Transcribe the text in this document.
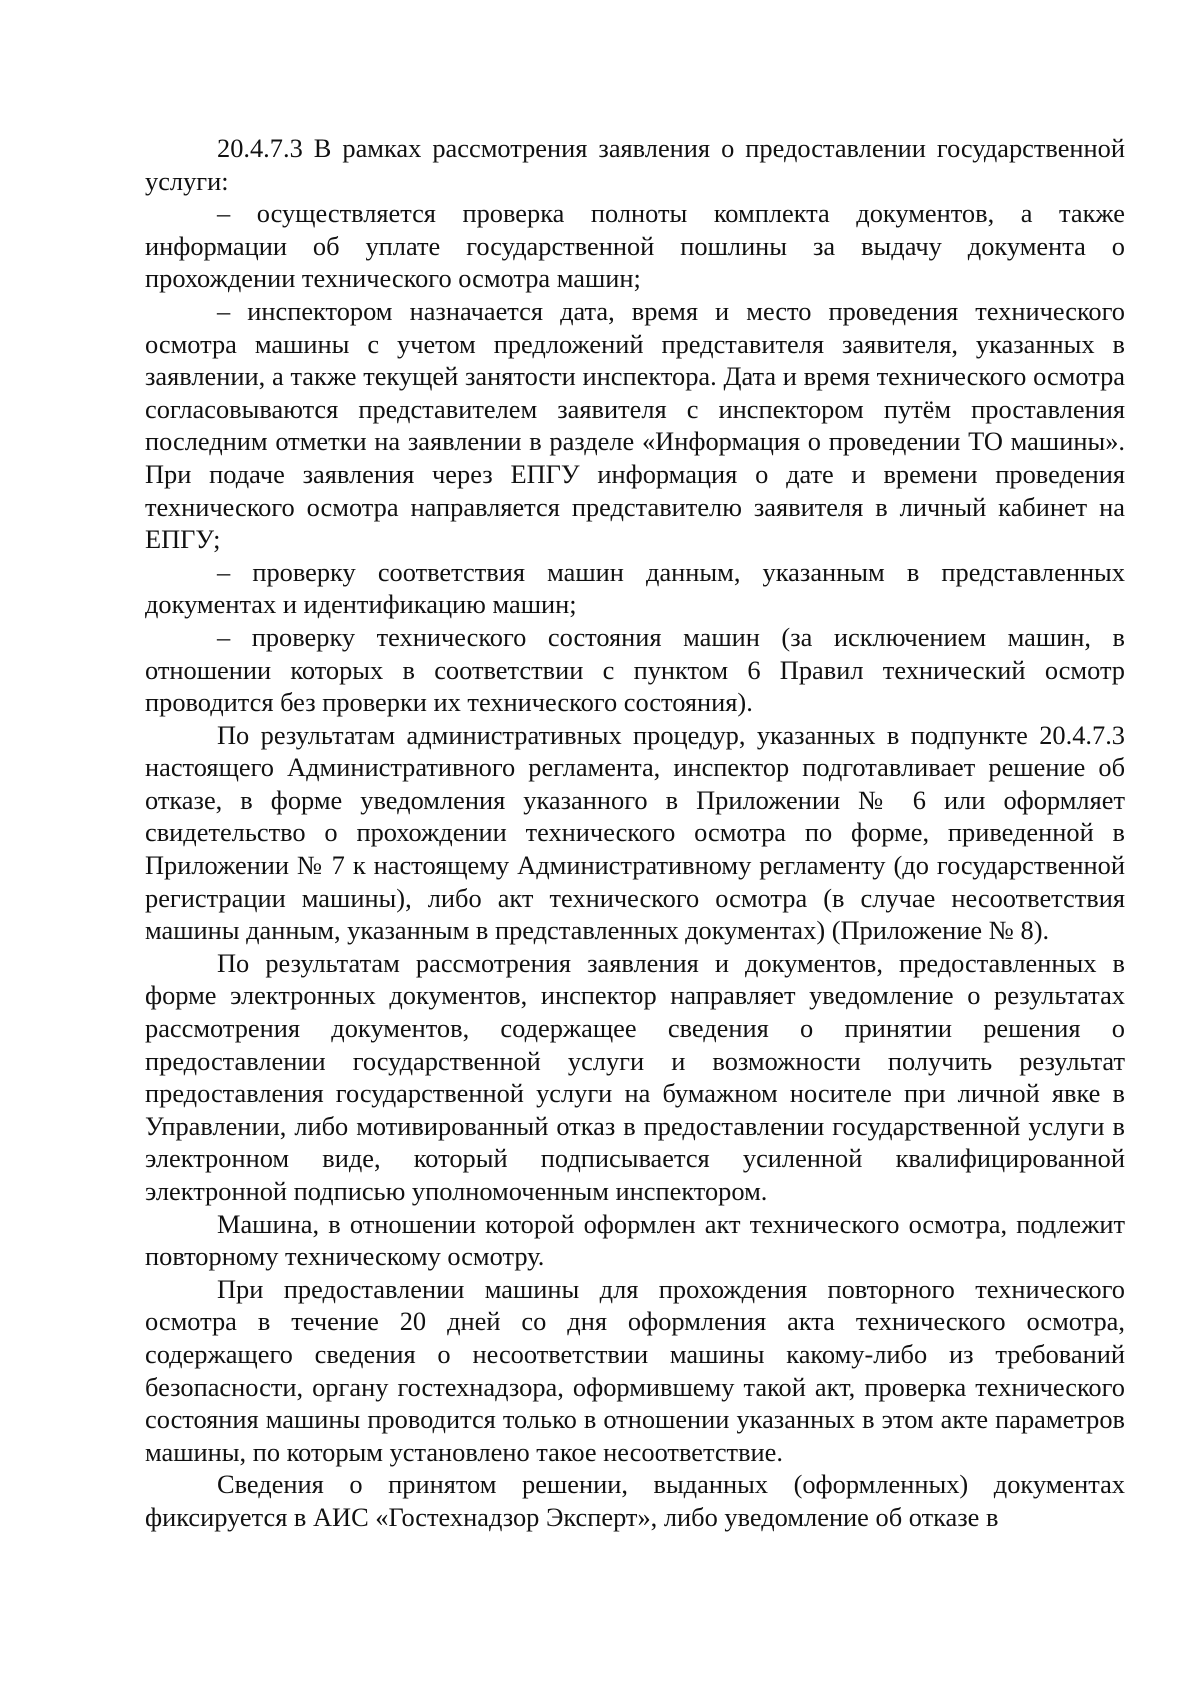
20.4.7.3 В рамках рассмотрения заявления о предоставлении государственной услуги:

– осуществляется проверка полноты комплекта документов, а также информации об уплате государственной пошлины за выдачу документа о прохождении технического осмотра машин;

– инспектором назначается дата, время и место проведения технического осмотра машины с учетом предложений представителя заявителя, указанных в заявлении, а также текущей занятости инспектора. Дата и время технического осмотра согласовываются представителем заявителя с инспектором путём проставления последним отметки на заявлении в разделе «Информация о проведении ТО машины». При подаче заявления через ЕПГУ информация о дате и времени проведения технического осмотра направляется представителю заявителя в личный кабинет на ЕПГУ;

– проверку соответствия машин данным, указанным в представленных документах и идентификацию машин;

– проверку технического состояния машин (за исключением машин, в отношении которых в соответствии с пунктом 6 Правил технический осмотр проводится без проверки их технического состояния).

По результатам административных процедур, указанных в подпункте 20.4.7.3 настоящего Административного регламента, инспектор подготавливает решение об отказе, в форме уведомления указанного в Приложении № 6 или оформляет свидетельство о прохождении технического осмотра по форме, приведенной в Приложении № 7 к настоящему Административному регламенту (до государственной регистрации машины), либо акт технического осмотра (в случае несоответствия машины данным, указанным в представленных документах) (Приложение № 8).

По результатам рассмотрения заявления и документов, предоставленных в форме электронных документов, инспектор направляет уведомление о результатах рассмотрения документов, содержащее сведения о принятии решения о предоставлении государственной услуги и возможности получить результат предоставления государственной услуги на бумажном носителе при личной явке в Управлении, либо мотивированный отказ в предоставлении государственной услуги в электронном виде, который подписывается усиленной квалифицированной электронной подписью уполномоченным инспектором.

Машина, в отношении которой оформлен акт технического осмотра, подлежит повторному техническому осмотру.

При предоставлении машины для прохождения повторного технического осмотра в течение 20 дней со дня оформления акта технического осмотра, содержащего сведения о несоответствии машины какому-либо из требований безопасности, органу гостехнадзора, оформившему такой акт, проверка технического состояния машины проводится только в отношении указанных в этом акте параметров машины, по которым установлено такое несоответствие.

Сведения о принятом решении, выданных (оформленных) документах фиксируется в АИС «Гостехнадзор Эксперт», либо уведомление об отказе в
